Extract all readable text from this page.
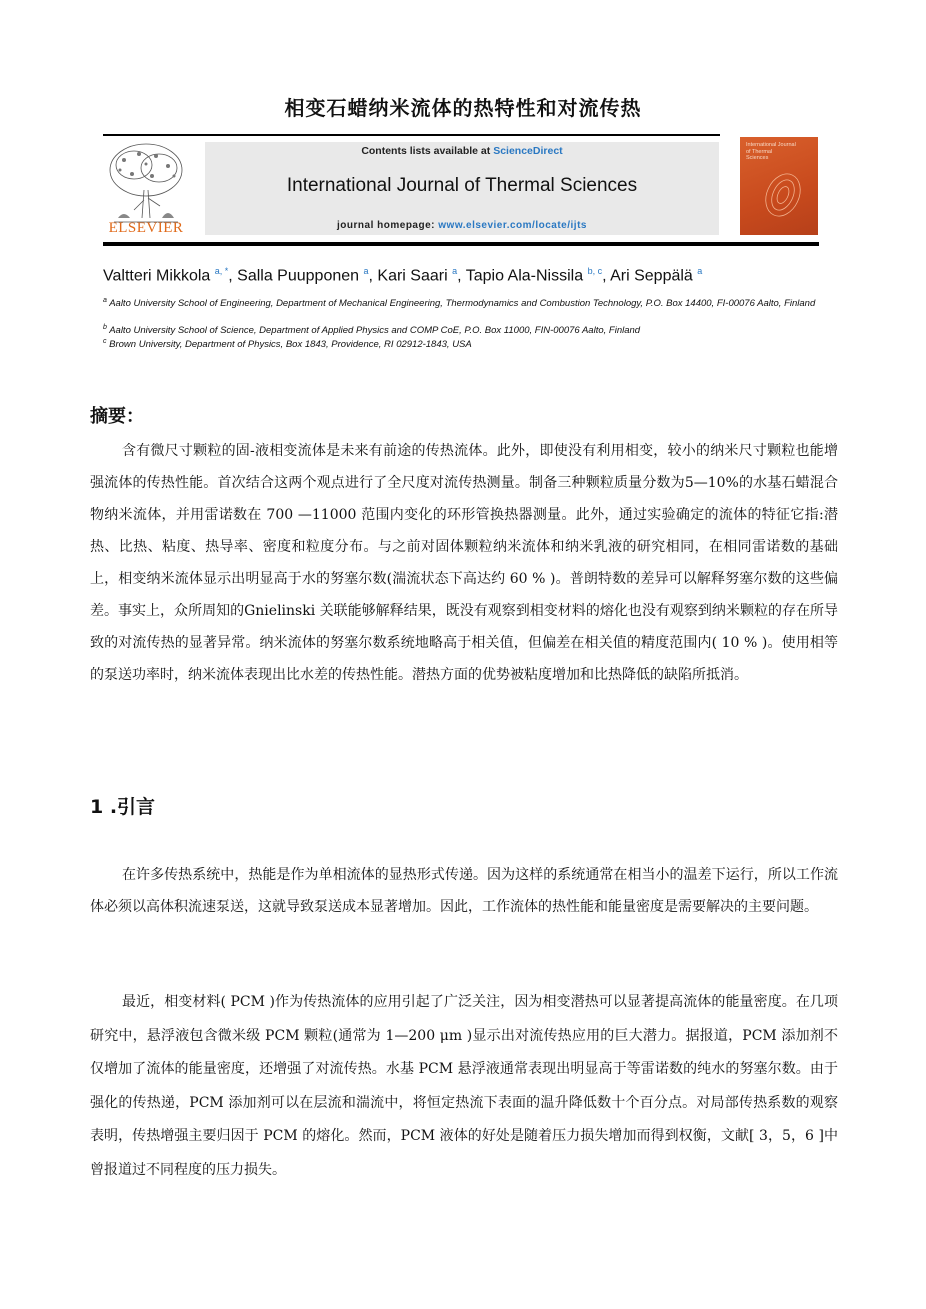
相变石蜡纳米流体的热特性和对流传热
ELSEVIER
Contents lists available at ScienceDirect
International Journal of Thermal Sciences
journal homepage: www.elsevier.com/locate/ijts
International Journal of Thermal Sciences
Valtteri Mikkola $^{a, *}$, Salla Puupponen $^a$, Kari Saari $^a$, Tapio Ala-Nissila $^{b, c}$, Ari Seppälä $^a$
$^a$ Aalto University School of Engineering, Department of Mechanical Engineering, Thermodynamics and Combustion Technology, P.O. Box 14400, FI-00076 Aalto, Finland
$^b$ Aalto University School of Science, Department of Applied Physics and COMP CoE, P.O. Box 11000, FIN-00076 Aalto, Finland
$^c$ Brown University, Department of Physics, Box 1843, Providence, RI 02912-1843, USA
摘要：
含有微尺寸颗粒的固-液相变流体是未来有前途的传热流体。此外，即使没有利用相变，较小的纳米尺寸颗粒也能增强流体的传热性能。首次结合这两个观点进行了全尺度对流传热测量。制备三种颗粒质量分数为5—10%的水基石蜡混合物纳米流体，并用雷诺数在 700 —11000 范围内变化的环形管换热器测量。此外，通过实验确定的流体的特征它指:潜热、比热、粘度、热导率、密度和粒度分布。与之前对固体颗粒纳米流体和纳米乳液的研究相同，在相同雷诺数的基础上，相变纳米流体显示出明显高于水的努塞尔数(湍流状态下高达约 60 % )。普朗特数的差异可以解释努塞尔数的这些偏差。事实上，众所周知的Gnielinski 关联能够解释结果，既没有观察到相变材料的熔化也没有观察到纳米颗粒的存在所导致的对流传热的显著异常。纳米流体的努塞尔数系统地略高于相关值，但偏差在相关值的精度范围内( 10 % )。使用相等的泵送功率时，纳米流体表现出比水差的传热性能。潜热方面的优势被粘度增加和比热降低的缺陷所抵消。
1 .引言
在许多传热系统中，热能是作为单相流体的显热形式传递。因为这样的系统通常在相当小的温差下运行，所以工作流体必须以高体积流速泵送，这就导致泵送成本显著增加。因此，工作流体的热性能和能量密度是需要解决的主要问题。
最近，相变材料( PCM )作为传热流体的应用引起了广泛关注，因为相变潜热可以显著提高流体的能量密度。在几项研究中，悬浮液包含微米级 PCM 颗粒(通常为 1—200 μm )显示出对流传热应用的巨大潜力。据报道，PCM 添加剂不仅增加了流体的能量密度，还增强了对流传热。水基 PCM 悬浮液通常表现出明显高于等雷诺数的纯水的努塞尔数。由于强化的传热递，PCM 添加剂可以在层流和湍流中，将恒定热流下表面的温升降低数十个百分点。对局部传热系数的观察表明，传热增强主要归因于 PCM 的熔化。然而，PCM 液体的好处是随着压力损失增加而得到权衡，文献[ 3，5，6 ]中曾报道过不同程度的压力损失。
